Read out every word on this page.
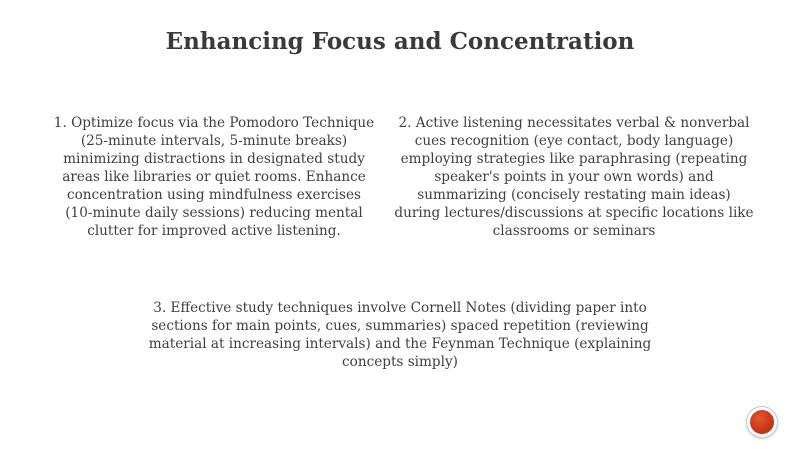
Enhancing Focus and Concentration

1. Optimize focus via the Pomodoro Technique (25-minute intervals, 5-minute breaks) minimizing distractions in designated study areas like libraries or quiet rooms. Enhance concentration using mindfulness exercises (10-minute daily sessions) reducing mental clutter for improved active listening.

2. Active listening necessitates verbal & nonverbal cues recognition (eye contact, body language) employing strategies like paraphrasing (repeating speaker's points in your own words) and summarizing (concisely restating main ideas) during lectures/discussions at specific locations like classrooms or seminars

3. Effective study techniques involve Cornell Notes (dividing paper into sections for main points, cues, summaries) spaced repetition (reviewing material at increasing intervals) and the Feynman Technique (explaining concepts simply)
